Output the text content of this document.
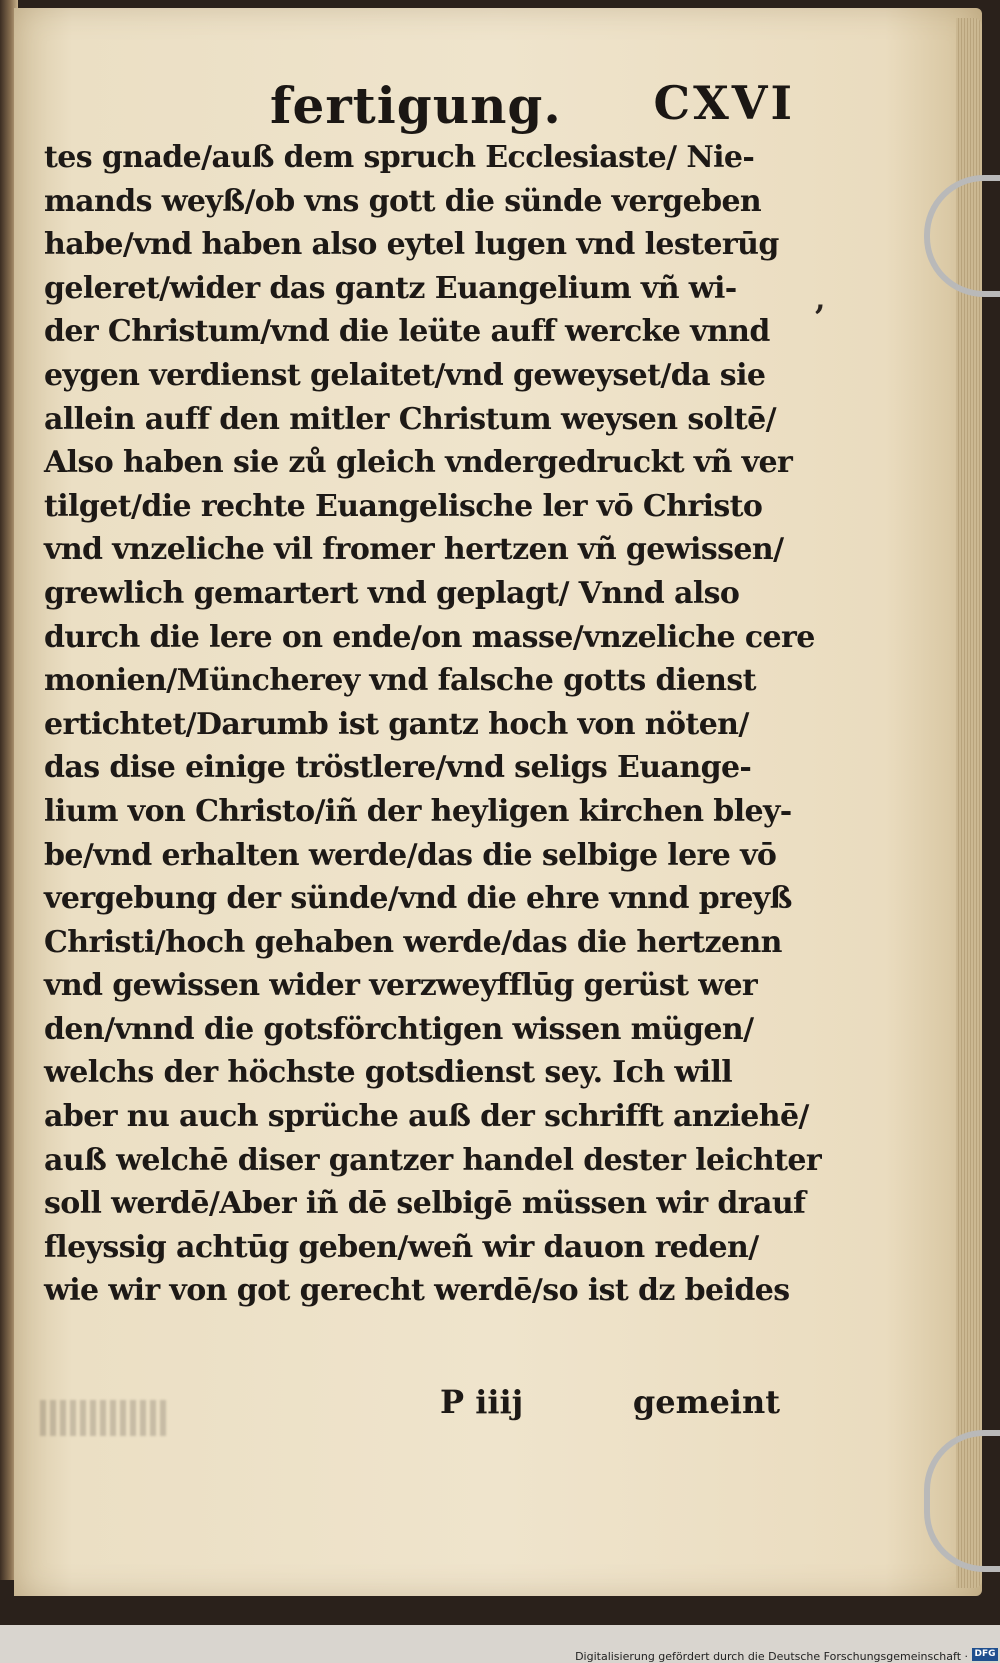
fertigung. CXVI
tes gnade/auß dem spruch Ecclesiaste/ Nie-
mands weyß/ob vns gott die sünde vergeben
habe/vnd haben also eytel lugen vnd lesterūg
geleret/wider das gantz Euangelium vñ wi-
der Christum/vnd die leüte auff wercke vnnd
eygen verdienst gelaitet/vnd geweyset/da sie
allein auff den mitler Christum weysen soltē/
Also haben sie zů gleich vndergedruckt vñ ver
tilget/die rechte Euangelische ler vō Christo
vnd vnzeliche vil fromer hertzen vñ gewissen/
grewlich gemartert vnd geplagt/ Vnnd also
durch die lere on ende/on masse/vnzeliche cere
monien/Müncherey vnd falsche gotts dienst
ertichtet/Darumb ist gantz hoch von nöten/
das dise einige tröstlere/vnd seligs Euange-
lium von Christo/iñ der heyligen kirchen bley-
be/vnd erhalten werde/das die selbige lere vō
vergebung der sünde/vnd die ehre vnnd preyß
Christi/hoch gehaben werde/das die hertzenn
vnd gewissen wider verzweyfflūg gerüst wer
den/vnnd die gotsförchtigen wissen mügen/
welchs der höchste gotsdienst sey. Ich will
aber nu auch sprüche auß der schrifft anziehē/
auß welchē diser gantzer handel dester leichter
soll werdē/Aber iñ dē selbigē müssen wir drauf
fleyssig achtūg geben/weñ wir dauon reden/
wie wir von got gerecht werdē/so ist dz beides
,
P iiij	gemeint
Digitalisierung gefördert durch die Deutsche Forschungsgemeinschaft · DFG
